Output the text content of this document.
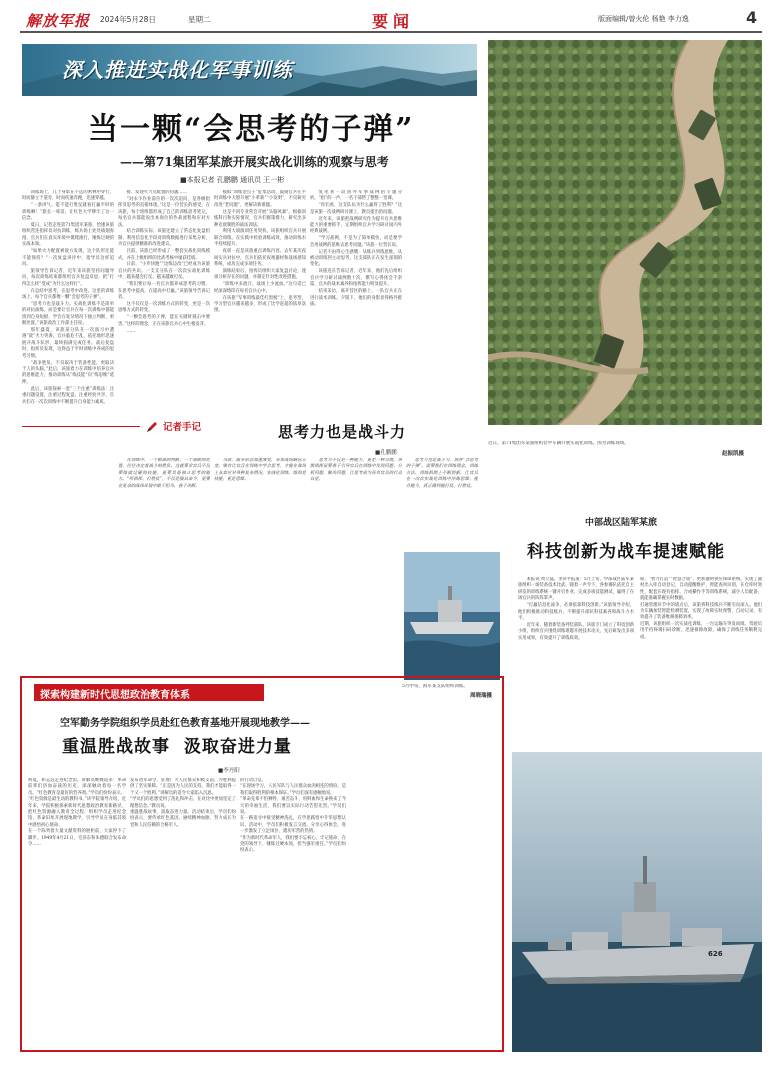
解放军报 2024年5月28日	星期二	要闻	版面编辑/曾火伦 杨艳 李力逸	4
深入推进实战化军事训练
当一颗“会思考的子弹”
——第71集团军某旅开展实战化训练的观察与思考
■本报记者 孔鹏鹏 通讯员 王一彬

训练场上，几个身影在不远的密林中穿行，时而静立于道旁，时而疾速奔跑，迅速穿越。

“一条讲气。能不能打胜仗就看打赢平时的训练啊！”旅长一席话，让红色大学铆牢了这一信念。

夏日，记者走进第71集团军某旅，恰逢该旅组织营连指挥员对抗训练，练兵场上处处硝烟弥漫，官兵们在真实环境中摸爬滚打，锤炼过硬的实战本领。

“如果火力配置被敌方发现，这个队形还能不能保持？”一次复盘讲评中，指导员这样追问。

旅领导告诉记者，近年来该旅坚持问题导向，每次训练结束都组织官兵复盘反思，把“打得怎么样”变成“为什么这样打”。

在总结中思考，在思考中改进。这里的训练场上，每个官兵都像一颗“会思考的子弹”。

“思考力也是战斗力。实战化训练不是简单的对抗演练，而是要让官兵在每一次训练中都能找到自身短板，学会在复杂情况下独立判断、果断处置。”该旅政治工作部主任说。

那年盛夏，该旅某分队在一次演习中遭遇“敌”火力突袭，官兵临危不乱，依托地形迅速展开战斗队形，最终圆满完成任务。战后复盘时，指挥员发现，这得益于平时训练中养成的思考习惯。

“战争胜负，不仅取决于装备性能，更取决于人的头脑。”此后，该旅着力在训练中培养官兵的思维能力，推动训练从“练技能”向“练思维”延伸。

此后，该旅探索一套“三个注重”训练法：注重问题设置，注重过程复盘，注重经验共享，官兵们在一次次训练中不断提升自身能力素质。

排、发现火力点配置的问题……

“对永不作业前位的一次次追问，是各级指挥员思考的直接体现。”这是一位营长的感受。在该旅，每个班组都形成了自己的训练思考笔记，每名官兵都能说出本岗位的作战流程和应对方法。

结合训练实际，该旅还建立了常态化复盘机制，利用信息化手段对训练数据进行采集分析，为官兵提供精准的改进建议。

目前，该旅已经形成了一整套实战化训练模式，并在上级组织的比武考核中屡获佳绩。

日前，“小步快跑”“边练边改”已经成为该旅官兵的共识。一支支分队在一次次实战化训练中，越来越会打仗、越来越敢打仗。

“我们要让每一名官兵都养成思考的习惯，在思考中提高，在提高中打赢。”该旅领导告诉记者。

这不仅仅是一次训练方式的转变，更是一次思维方式的转变。

“一颗会思考的子弹，能在关键时刻击中要害。”这样的理念，正在该旅官兵心中生根发芽。

……

模拟”训练金点子“征集活动，鼓励官兵在平时训练中大胆开展“小革新”“小发明”，不仅研究改进“老问题”，更解决新难题。

这是不同专业常会开展“头脑风暴”。根据训练科目和实际情况，官兵们群策群力，研究出多种克敌制胜的战法训法。

利用大项演训任务契机，该旅组织官兵开展联合训练，在实践中检验训练成效，推动训练水平持续提升。

夜训一直是该旅重点训练内容。去年某次夜间实兵对抗中，官兵们依托夜视器材和战场感知系统，成功完成多项任务。

演练结束后，指挥员组织大家复盘讨论，逐项分析存在的问题，并制定针对性改进措施。

“训练中多流汗，战场上少流血。”这句话已经深深烙印在每名官兵心中。

在该旅“军事训练最佳红黑榜”上，思考型、学习型官兵越来越多，形成了比学赶超的浓厚氛围。

复笔著一段国外军事战例的专题分析，“指”的一声，一名干部愣了整整一堂课。

“你们看，这支队伍为什么赢得了胜利？”这是该旅一次战例研讨课上，教员提出的问题。

近年来，该旅把战例研究作为提升官兵思维能力的重要抓手，定期组织官兵学习研讨国内外经典战例。

“学习战例，不是为了简单模仿，而是要学会用战例的思维去思考问题。”该旅一位营长说。

记者不由得心生感慨：从练兵到练思维，从被动训练到主动思考，这支部队正在发生深刻的变化。

该旅连长告诉记者，近年来，他们先后组织官兵学习研讨战例数十次，撰写心得体会千余篇，官兵的战术素养和指挥能力明显提升。

结束采访，离开营区的路上，一队官兵正在进行战术训练。夕阳下，他们的身影显得格外挺拔。

近日，第71集团军某旅组织装甲车辆开展实战化训练。图为训练现场。
赵振凯摄
记者手记	思考力也是战斗力
■孔鹏鹏
在训练中，一个精准的判断、一个果断的处置，往往决定着战斗的胜负。这就要求官兵不仅要练就过硬的技能，更要具备独立思考的能力。“听指挥、打胜仗”，不仅是服从命令，更要在复杂的战场环境中敢于担当、善于决断。
当前，战争形态加速演变，未来战场瞬息万变。唯有让官兵在训练中学会思考，才能在战场上从容应对各种复杂情况。实战化训练，练的是技能，更是思维。
思考力不仅是一种能力，更是一种习惯。各级指挥员要善于引导官兵在训练中发现问题、分析问题、解决问题，让思考成为每名官兵的行动自觉。
思考力也是战斗力。培养“会思考的子弹”，需要我们在训练理念、训练方法、训练机制上不断创新，让官兵在一次次实战化训练中淬炼思维、提升能力，真正做到能打仗、打胜仗。
5月中旬，海军某支队组织训练。
周晓瑞摄
中部战区陆军某旅
科技创新为战车提速赋能

本报讯 黄立磊、李泽平报道：5月上旬，中部战区陆军某旅组织一场装备技术比武，随着一声令下，各参赛队依托自主研发的训练系统一键开启作业，完成多项技能测试，赢得了在场官兵的阵阵掌声。

“打赢信息化战争，必须依靠科技创新。”该旅领导介绍，他们积极推动科技练兵，不断提升部队科技素养和战斗力水平。

近年来，随着新装备列装部队，该旅专门成立了科技创新小组，组织官兵围绕训练难题开展技术攻关，先后研发出多项实用成果，有效提升了训练质效。

如，“智力打造”“智慧合成”，更新器材供应保障系统，实现了器材出入库自动登记、自动提醒维护，智能查询识别，在仓库时效性，配套在现有指挥、合成操作手等训练系统，减少人员配备，就能准确掌握实时数据。
打通管理环节中的堵点后，该旅将科技练兵不断引向深入。他们为车辆加装智能检测装置，实现了故障实时预警、自动记录，有效提升了装备维修保障效率。
近期，该旅组织一次实战化训练，一台运输车突发故障。驾驶员用手持终端扫码诊断，迅速排除故障，确保了训练任务顺利完成。
探索构建新时代思想政治教育体系
空军勤务学院组织学员赴红色教育基地开展现地教学——
重温胜战故事  汲取奋进力量
■李丹阳
初夏，和志远走进纪念馆，讲解员娓娓道来：革命前辈们浴血奋战的历史，深深触动着每一名学员。“红色教育是最好的营养剂。”学员们纷纷表示。
“红色资源是最生动的教科书。”该学院领导介绍，近年来，学院积极探索新时代思想政治教育新路径，把红色资源融入教育全过程，组织学员走进纪念馆、革命旧址开展现地教学，引导学员在身临其境中感悟初心使命。
在一个陈列着大量文献资料的展柜前，大家停下了脚步。1949年4月21日，毛泽东和朱德联合发布命令……
发布进军命令，驻地广大人民群众积极支前，为胜利提供了坚实保障。“正是因为人民的支持，我们才能取得一个又一个胜利。”讲解员的话令大家陷入沉思。
“学员们的思想受到了洗礼和冲击，在对比中更加坚定了理想信念。”教员说。
重温胜战故事，汲取奋进力量。活动结束后，学员们纷纷表示，要传承红色基因，赓续精神血脉，努力成长为党和人民信赖的合格军人。
的行动自觉。
“在现场学习，人民军队与人民群众血肉相连的情谊，是我们取得胜利的根本保证。”学员们深有感触地说。
“革命先辈不怕牺牲、艰苦奋斗，用鲜血和生命换来了今天的幸福生活，我们要以实际行动告慰先烈。”学员们说。
在一路追寻中接受精神洗礼，在学思践悟中升华思想认识。活动中，学员们积极发言交流，分享心得体会，进一步激发了立足岗位、建功军营的热情。
“作为新时代革命军人，我们要不忘初心、牢记使命，在党的领导下，锤炼过硬本领，担当强军重任。”学员们纷纷表示。
626
